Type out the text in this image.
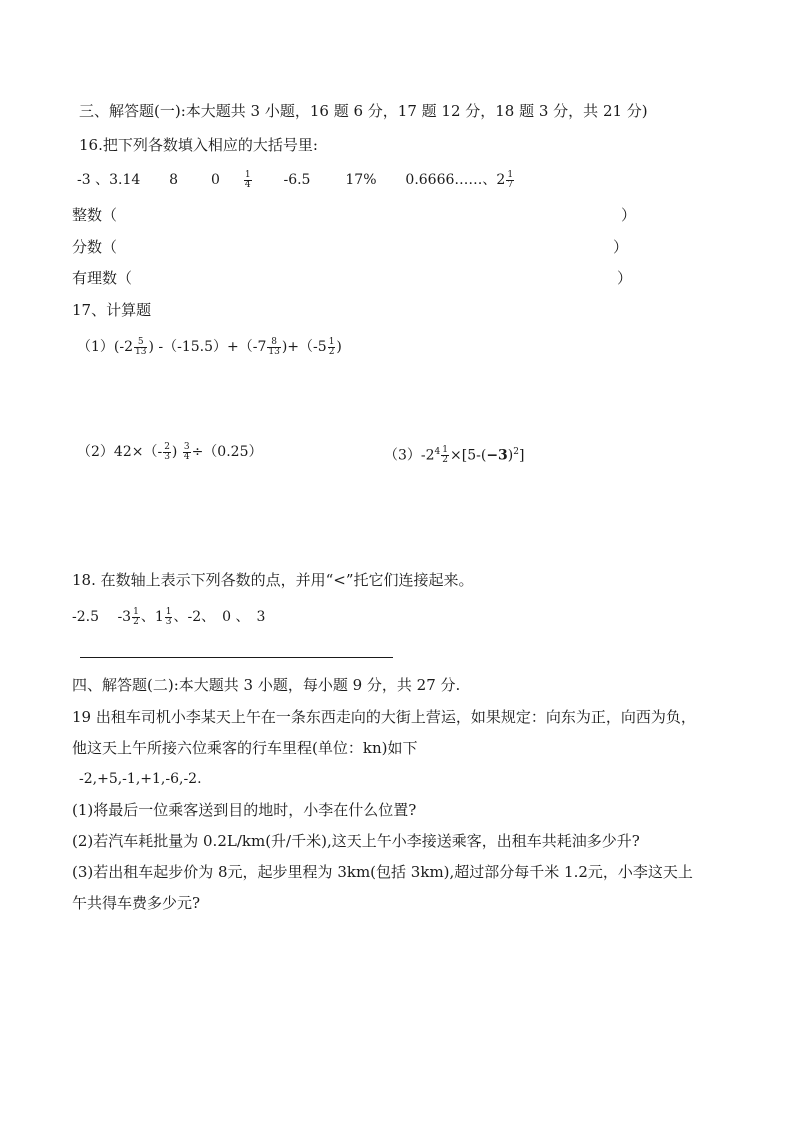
三、解答题(一):本大题共 3 小题，16 题 6 分，17 题 12 分，18 题 3 分，共 21 分)
16.把下列各数填入相应的大括号里:
-3 、3.14 8 0	$\frac{1}{4} -6.5$ 17% 0.6666……、$2 \frac{1}{7}$
整数（	）
分数（	）
有理数（	）
17、计算题
$(1)(-2 \frac{5}{13}$ ) $-(-15.5)+(-7 \frac{8}{13} )+(-5 \frac{1}{2}$ )
$(2)42\times(- \frac{2}{3}$ ) $\frac{3}{4} \div(0.25)$	$(3)-2^4 \frac{1}{2} \times[5-(-3)^2]$
18. 在数轴上表示下列各数的点，并用“<”托它们连接起来。
-2.5　 $-3 \frac{1}{2}$ 、$1 \frac{1}{3}$ 、-2、　0 、　3
四、解答题(二):本大题共 3 小题，每小题 9 分，共 27 分.
19 出租车司机小李某天上午在一条东西走向的大街上营运，如果规定：向东为正，向西为负，
他这天上午所接六位乘客的行车里程(单位：kn)如下
-2,+5,-1,+1,-6,-2.
(1)将最后一位乘客送到目的地时，小李在什么位置?
(2)若汽车耗批量为 0.2L/km(升/千米),这天上午小李接送乘客，出租车共耗油多少升?
(3)若出租车起步价为 8元，起步里程为 3km(包括 3km),超过部分每千米 1.2元，小李这天上
午共得车费多少元?
